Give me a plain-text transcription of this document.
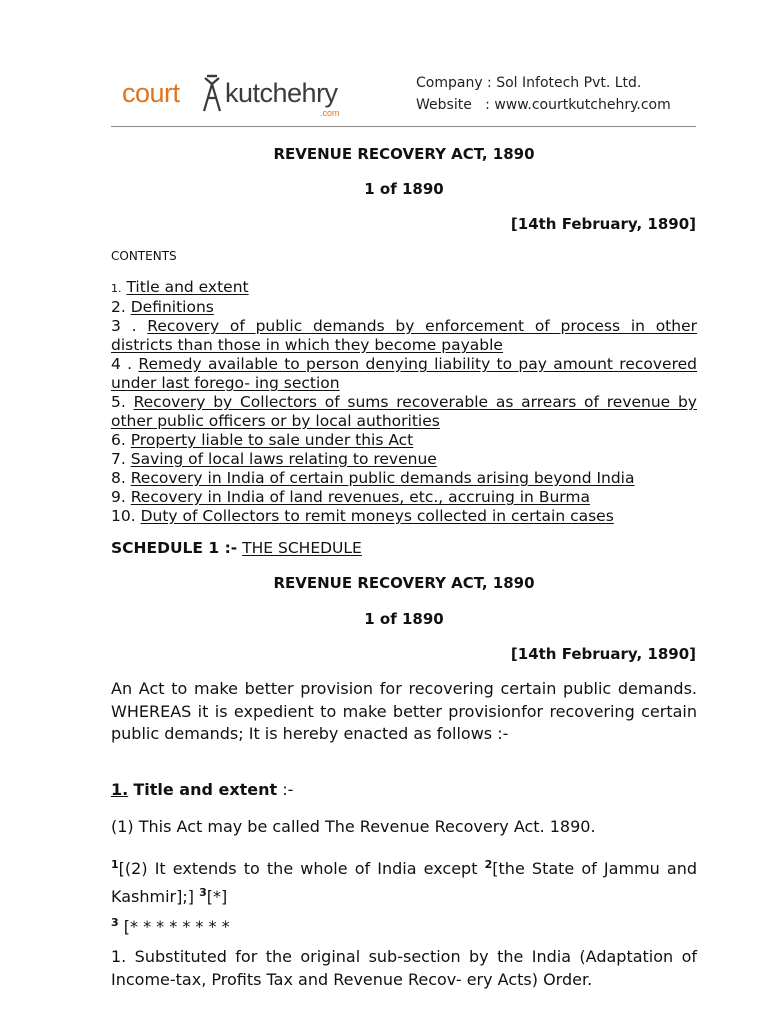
court kutchehry
.com
Company : Sol Infotech Pvt. Ltd.
Website   : www.courtkutchehry.com
REVENUE RECOVERY ACT, 1890
1 of 1890
[14th February, 1890]
CONTENTS
1. Title and extent
2. Definitions
3 . Recovery of public demands by enforcement of process in other districts than those in which they become payable
4 . Remedy available to person denying liability to pay amount recovered under last forego- ing section
5. Recovery by Collectors of sums recoverable as arrears of revenue by other public officers or by local authorities
6. Property liable to sale under this Act
7. Saving of local laws relating to revenue
8. Recovery in India of certain public demands arising beyond India
9. Recovery in India of land revenues, etc., accruing in Burma
10. Duty of Collectors to remit moneys collected in certain cases
SCHEDULE 1 :- THE SCHEDULE
REVENUE RECOVERY ACT, 1890
1 of 1890
[14th February, 1890]
An Act to make better provision for recovering certain public demands. WHEREAS it is expedient to make better provisionfor recovering certain public demands; It is hereby enacted as follows :-
1. Title and extent :-
(1) This Act may be called The Revenue Recovery Act. 1890.
$^1$[(2) It extends to the whole of India except $^2$[the State of Jammu and Kashmir];] $^3$[*]
$^3$ [* * * * * * * *
1. Substituted for the original sub-section by the India (Adaptation of Income-tax, Profits Tax and Revenue Recov- ery Acts) Order.
